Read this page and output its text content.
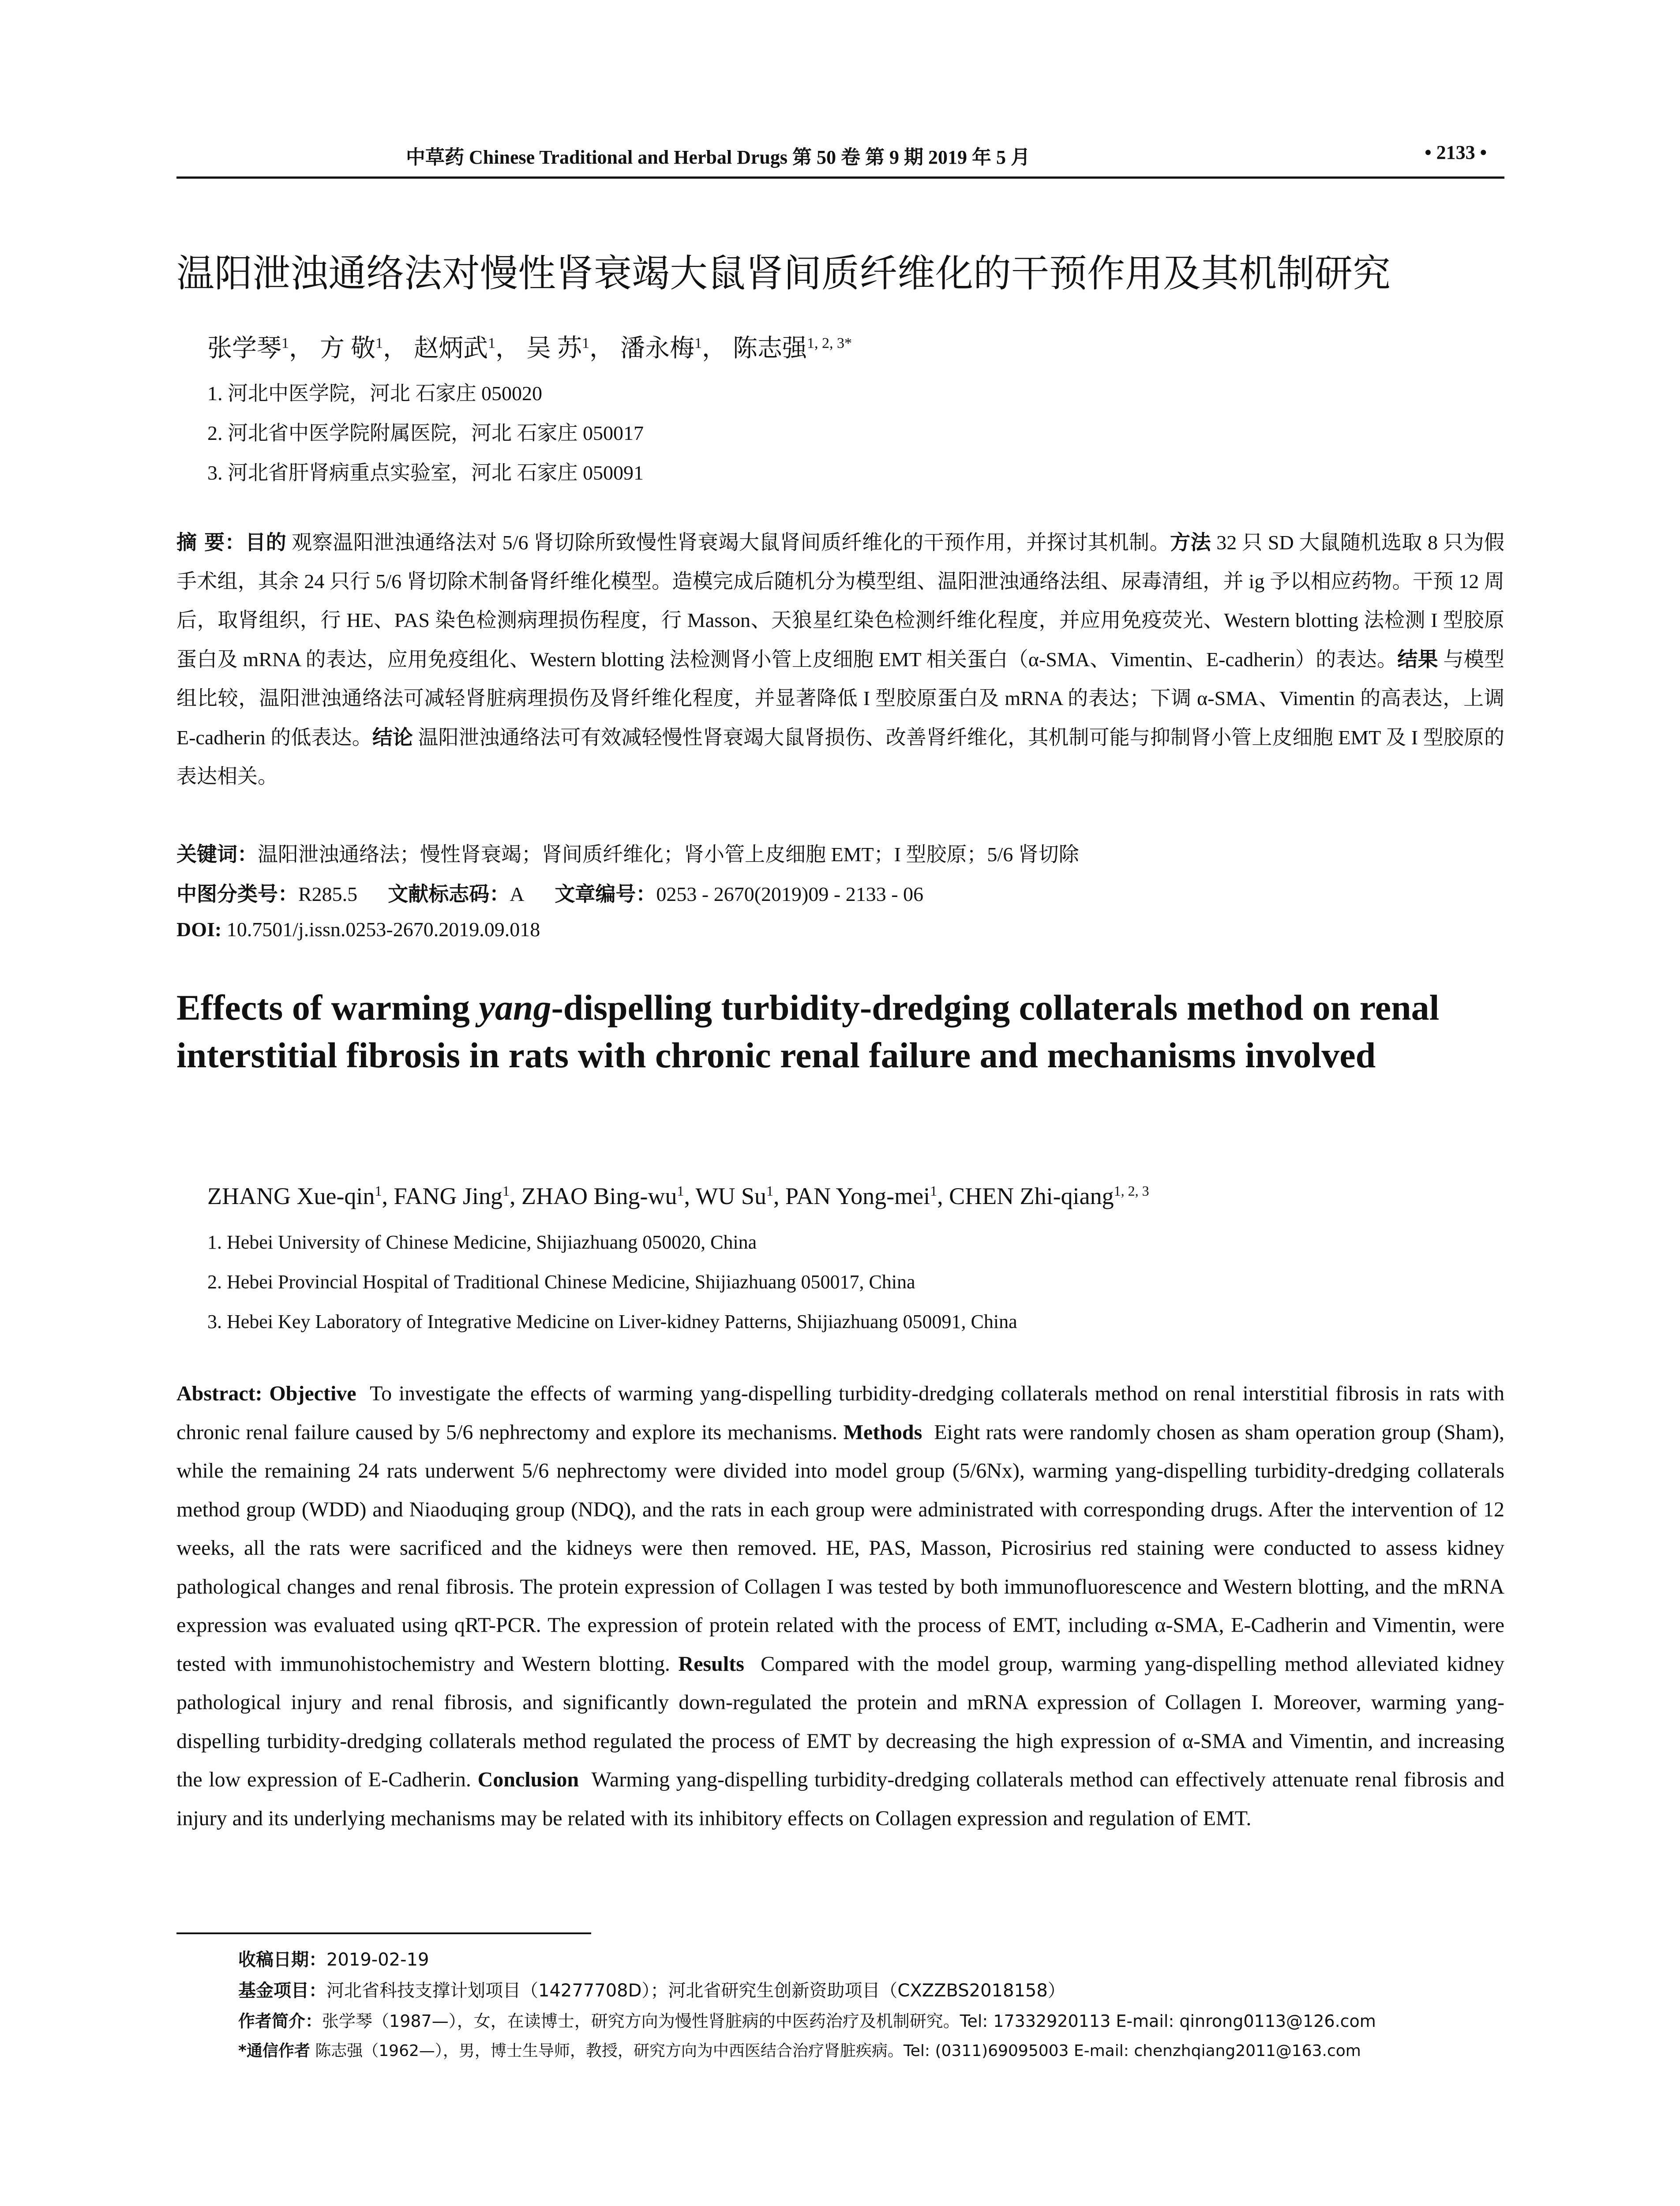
中草药 Chinese Traditional and Herbal Drugs 第 50 卷 第 9 期 2019 年 5 月	• 2133 •
温阳泄浊通络法对慢性肾衰竭大鼠肾间质纤维化的干预作用及其机制研究
张学琴$^1$， 方 敬$^1$， 赵炳武$^1$， 吴 苏$^1$， 潘永梅$^1$， 陈志强$^{1, 2, 3*}$
1. 河北中医学院，河北 石家庄 050020
2. 河北省中医学院附属医院，河北 石家庄 050017
3. 河北省肝肾病重点实验室，河北 石家庄 050091
摘 要：目的 观察温阳泄浊通络法对 5/6 肾切除所致慢性肾衰竭大鼠肾间质纤维化的干预作用，并探讨其机制。方法 32 只 SD 大鼠随机选取 8 只为假手术组，其余 24 只行 5/6 肾切除术制备肾纤维化模型。造模完成后随机分为模型组、温阳泄浊通络法组、尿毒清组，并 ig 予以相应药物。干预 12 周后，取肾组织，行 HE、PAS 染色检测病理损伤程度，行 Masson、天狼星红染色检测纤维化程度，并应用免疫荧光、Western blotting 法检测 I 型胶原蛋白及 mRNA 的表达，应用免疫组化、Western blotting 法检测肾小管上皮细胞 EMT 相关蛋白（α-SMA、Vimentin、E-cadherin）的表达。结果 与模型组比较，温阳泄浊通络法可减轻肾脏病理损伤及肾纤维化程度，并显著降低 I 型胶原蛋白及 mRNA 的表达；下调 α-SMA、Vimentin 的高表达，上调 E-cadherin 的低表达。结论 温阳泄浊通络法可有效减轻慢性肾衰竭大鼠肾损伤、改善肾纤维化，其机制可能与抑制肾小管上皮细胞 EMT 及 I 型胶原的表达相关。
关键词：温阳泄浊通络法；慢性肾衰竭；肾间质纤维化；肾小管上皮细胞 EMT；I 型胶原；5/6 肾切除
中图分类号：R285.5 文献标志码：A 文章编号：0253 - 2670(2019)09 - 2133 - 06
DOI: 10.7501/j.issn.0253-2670.2019.09.018
Effects of warming yang-dispelling turbidity-dredging collaterals method on renal interstitial fibrosis in rats with chronic renal failure and mechanisms involved
ZHANG Xue-qin$^1$, FANG Jing$^1$, ZHAO Bing-$wu^1$, WU Su$^1$, PAN Yong-mei$^1$, CHEN Zhi-qiang$^{1, 2, 3}$
1. Hebei University of Chinese Medicine, Shijiazhuang 050020, China
2. Hebei Provincial Hospital of Traditional Chinese Medicine, Shijiazhuang 050017, China
3. Hebei Key Laboratory of Integrative Medicine on Liver-kidney Patterns, Shijiazhuang 050091, China
Abstract: Objective To investigate the effects of warming yang-dispelling turbidity-dredging collaterals method on renal interstitial fibrosis in rats with chronic renal failure caused by 5/6 nephrectomy and explore its mechanisms. Methods Eight rats were randomly chosen as sham operation group (Sham), while the remaining 24 rats underwent 5/6 nephrectomy were divided into model group (5/6Nx), warming yang-dispelling turbidity-dredging collaterals method group (WDD) and Niaoduqing group (NDQ), and the rats in each group were administrated with corresponding drugs. After the intervention of 12 weeks, all the rats were sacrificed and the kidneys were then removed. HE, PAS, Masson, Picrosirius red staining were conducted to assess kidney pathological changes and renal fibrosis. The protein expression of Collagen I was tested by both immunofluorescence and Western blotting, and the mRNA expression was evaluated using qRT-PCR. The expression of protein related with the process of EMT, including α-SMA, E-Cadherin and Vimentin, were tested with immunohistochemistry and Western blotting. Results Compared with the model group, warming yang-dispelling method alleviated kidney pathological injury and renal fibrosis, and significantly down-regulated the protein and mRNA expression of Collagen I. Moreover, warming yang-dispelling turbidity-dredging collaterals method regulated the process of EMT by decreasing the high expression of α-SMA and Vimentin, and increasing the low expression of E-Cadherin. Conclusion Warming yang-dispelling turbidity-dredging collaterals method can effectively attenuate renal fibrosis and injury and its underlying mechanisms may be related with its inhibitory effects on Collagen expression and regulation of EMT.
收稿日期：2019-02-19
基金项目：河北省科技支撑计划项目（14277708D）；河北省研究生创新资助项目（CXZZBS2018158）
作者简介：张学琴（1987—），女，在读博士，研究方向为慢性肾脏病的中医药治疗及机制研究。Tel: 17332920113 E-mail: qinrong0113@126.com
*通信作者 陈志强（1962—），男，博士生导师，教授，研究方向为中西医结合治疗肾脏疾病。Tel: (0311)69095003 E-mail: chenzhqiang2011@163.com
